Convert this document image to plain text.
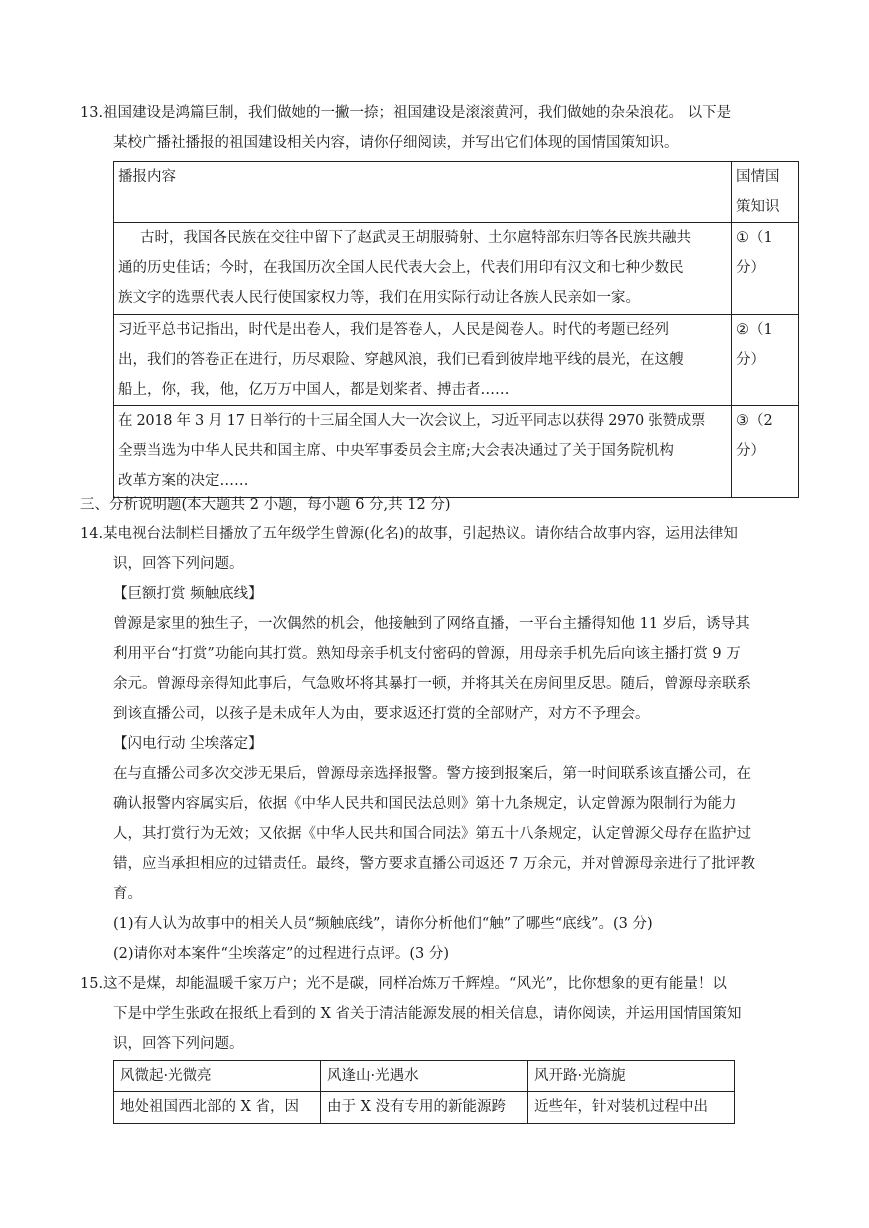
13.祖国建设是鸿篇巨制，我们做她的一撇一捺；祖国建设是滚滚黄河，我们做她的杂朵浪花。 以下是
某校广播社播报的祖国建设相关内容，请你仔细阅读，并写出它们体现的国情国策知识。
播报内容	国情国
策知识

古时，我国各民族在交往中留下了赵武灵王胡服骑射、土尔扈特部东归等各民族共融共
通的历史佳话；今时，在我国历次全国人民代表大会上，代表们用印有汉文和七种少数民
族文字的选票代表人民行使国家权力等，我们在用实际行动让各族人民亲如一家。	①（1
分）

习近平总书记指出，时代是出卷人，我们是答卷人，人民是阅卷人。时代的考题已经列
出，我们的答卷正在进行，历尽艰险、穿越风浪，我们已看到彼岸地平线的晨光，在这艘
船上，你，我，他，亿万万中国人，都是划桨者、搏击者……	②（1
分）

在 2018 年 3 月 17 日举行的十三届全国人大一次会议上，习近平同志以获得 2970 张赞成票
全票当选为中华人民共和国主席、中央军事委员会主席;大会表决通过了关于国务院机构
改革方案的决定……	③（2
分）
三、分析说明题(本大题共 2 小题，每小题 6 分,共 12 分)
14.某电视台法制栏目播放了五年级学生曾源(化名)的故事，引起热议。请你结合故事内容，运用法律知
识，回答下列问题。
【巨额打赏 频触底线】
曾源是家里的独生子，一次偶然的机会，他接触到了网络直播，一平台主播得知他 11 岁后，诱导其
利用平台“打赏”功能向其打赏。熟知母亲手机支付密码的曾源，用母亲手机先后向该主播打赏 9 万
余元。曾源母亲得知此事后，气急败坏将其暴打一顿，并将其关在房间里反思。随后，曾源母亲联系
到该直播公司，以孩子是未成年人为由，要求返还打赏的全部财产，对方不予理会。
【闪电行动 尘埃落定】
在与直播公司多次交涉无果后，曾源母亲选择报警。警方接到报案后，第一时间联系该直播公司，在
确认报警内容属实后，依据《中华人民共和国民法总则》第十九条规定，认定曾源为限制行为能力
人，其打赏行为无效；又依据《中华人民共和国合同法》第五十八条规定，认定曾源父母存在监护过
错，应当承担相应的过错责任。最终，警方要求直播公司返还 7 万余元，并对曾源母亲进行了批评教
育。
(1)有人认为故事中的相关人员“频触底线”，请你分析他们“触”了哪些“底线”。(3 分)
(2)请你对本案件“尘埃落定”的过程进行点评。(3 分)
15.这不是煤，却能温暖千家万户；光不是碳，同样冶炼万千辉煌。“风光”，比你想象的更有能量！以
下是中学生张政在报纸上看到的 X 省关于清洁能源发展的相关信息，请你阅读，并运用国情国策知
识，回答下列问题。
风微起·光微亮	风逢山·光遇水	风开路·光旖旎
地处祖国西北部的 X 省，因	由于 X 没有专用的新能源跨	近些年，针对装机过程中出
